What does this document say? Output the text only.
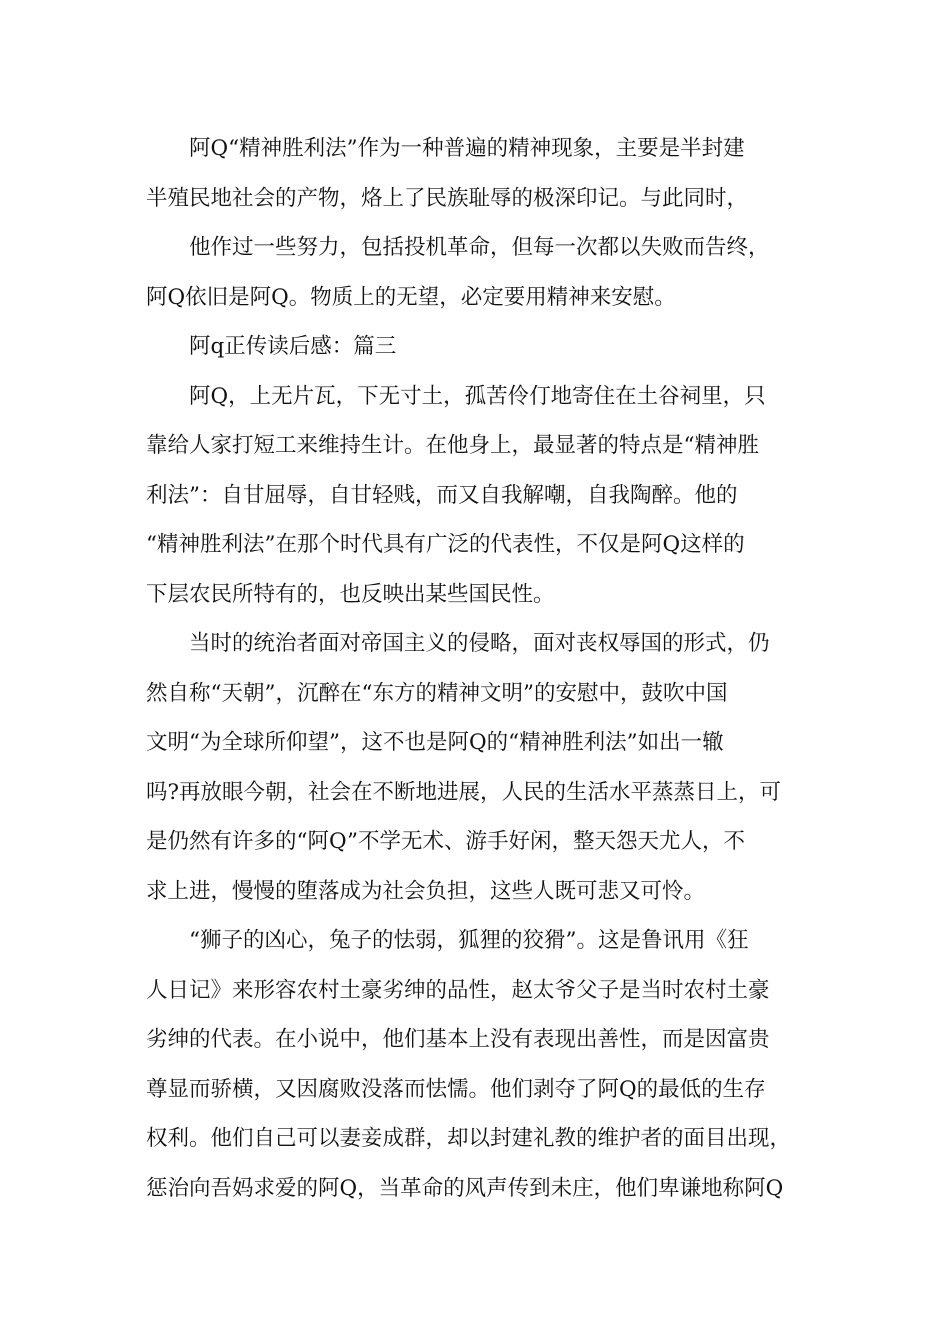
阿Q“精神胜利法”作为一种普遍的精神现象，主要是半封建
半殖民地社会的产物，烙上了民族耻辱的极深印记。与此同时，

他作过一些努力，包括投机革命，但每一次都以失败而告终，
阿Q依旧是阿Q。物质上的无望，必定要用精神来安慰。

阿q正传读后感：篇三

阿Q，上无片瓦，下无寸土，孤苦伶仃地寄住在土谷祠里，只
靠给人家打短工来维持生计。在他身上，最显著的特点是“精神胜
利法”：自甘屈辱，自甘轻贱，而又自我解嘲，自我陶醉。他的
“精神胜利法”在那个时代具有广泛的代表性，不仅是阿Q这样的
下层农民所特有的，也反映出某些国民性。

当时的统治者面对帝国主义的侵略，面对丧权辱国的形式，仍
然自称“天朝”，沉醉在“东方的精神文明”的安慰中，鼓吹中国
文明“为全球所仰望”，这不也是阿Q的“精神胜利法”如出一辙
吗?再放眼今朝，社会在不断地进展，人民的生活水平蒸蒸日上，可
是仍然有许多的“阿Q”不学无术、游手好闲，整天怨天尤人，不
求上进，慢慢的堕落成为社会负担，这些人既可悲又可怜。

“狮子的凶心，兔子的怯弱，狐狸的狡猾”。这是鲁讯用《狂
人日记》来形容农村土豪劣绅的品性，赵太爷父子是当时农村土豪
劣绅的代表。在小说中，他们基本上没有表现出善性，而是因富贵
尊显而骄横，又因腐败没落而怯懦。他们剥夺了阿Q的最低的生存
权利。他们自己可以妻妾成群，却以封建礼教的维护者的面目出现，
惩治向吾妈求爱的阿Q，当革命的风声传到未庄，他们卑谦地称阿Q
